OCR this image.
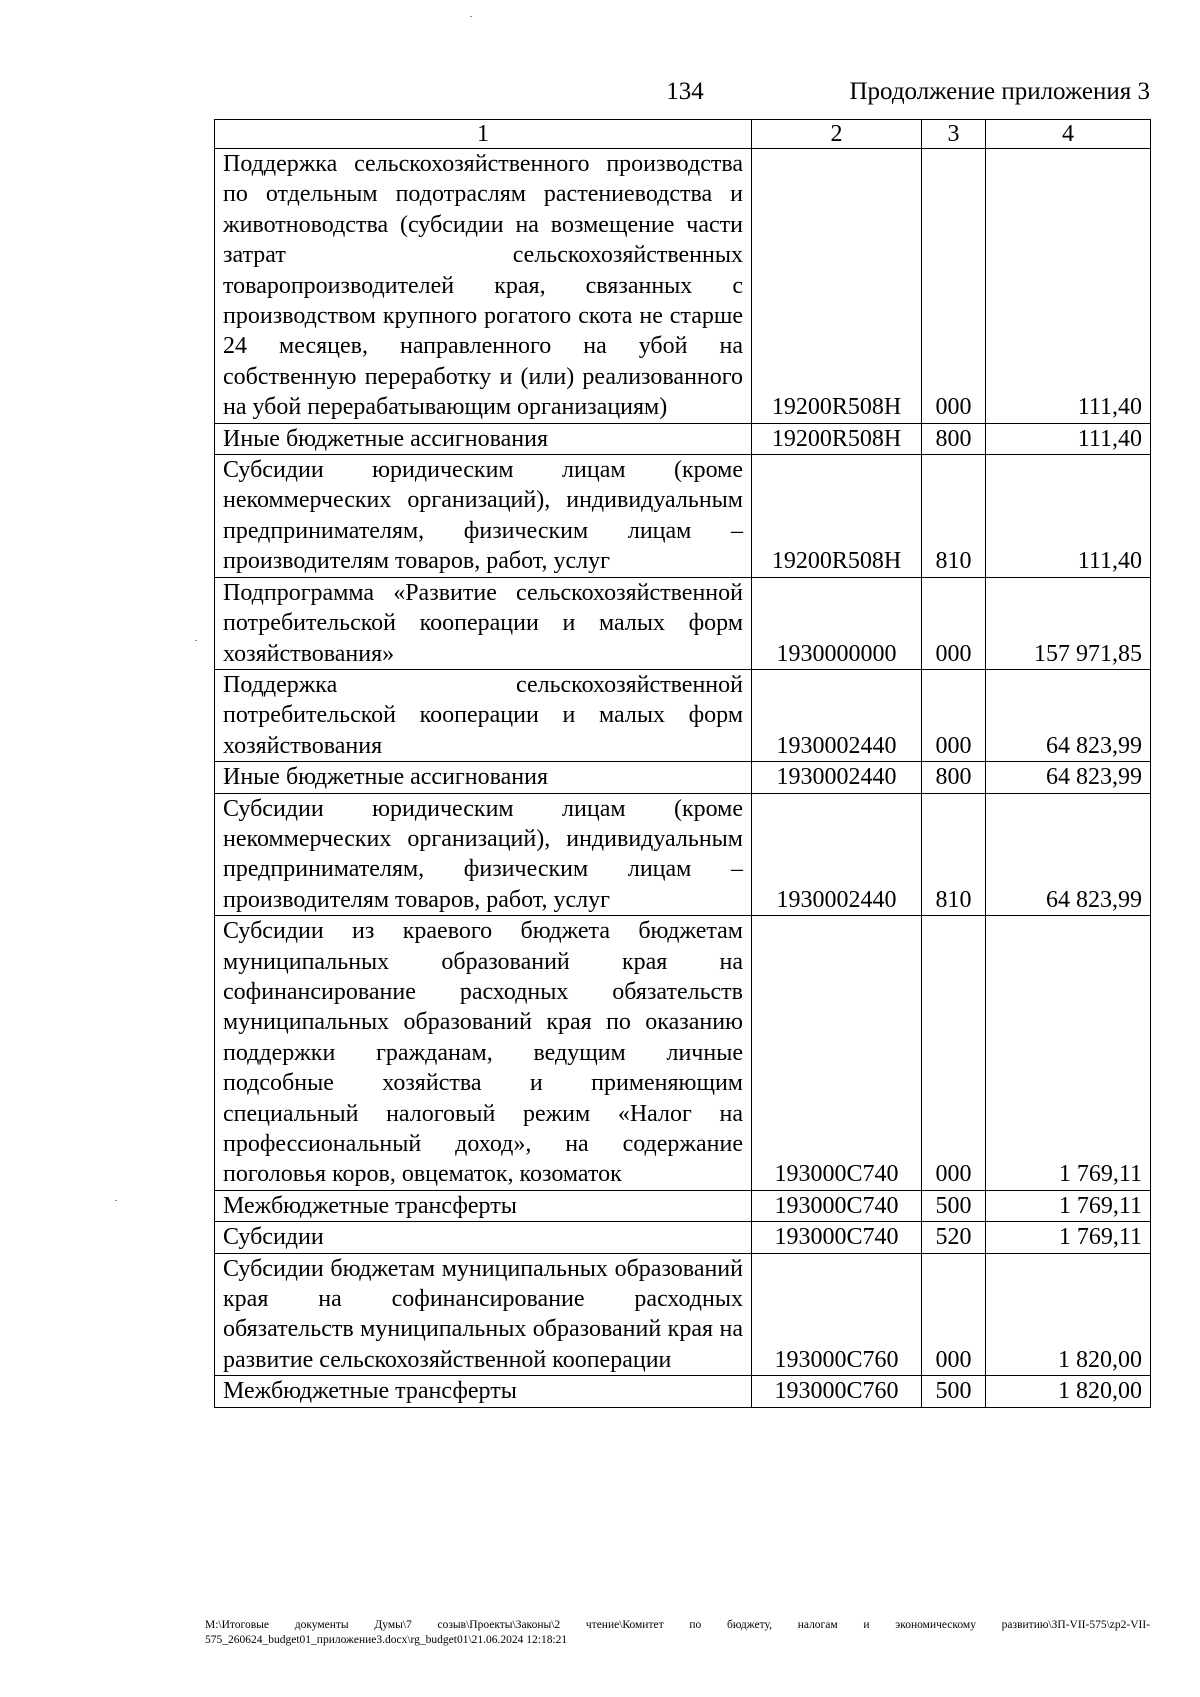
134	Продолжение приложения 3
1	2	3	4
Поддержка сельскохозяйственного производства по отдельным подотраслям растениеводства и животноводства (субсидии на возмещение части затрат сельскохозяйственных товаропроизводителей края, связанных с производством крупного рогатого скота не старше 24 месяцев, направленного на убой на собственную переработку и (или) реализованного на убой перерабатывающим организациям)	19200R508H	000	111,40
Иные бюджетные ассигнования	19200R508H	800	111,40
Субсидии юридическим лицам (кроме некоммерческих организаций), индивидуальным предпринимателям, физическим лицам – производителям товаров, работ, услуг	19200R508H	810	111,40
Подпрограмма «Развитие сельскохозяйственной потребительской кооперации и малых форм хозяйствования»	1930000000	000	157 971,85
Поддержка сельскохозяйственной потребительской кооперации и малых форм хозяйствования	1930002440	000	64 823,99
Иные бюджетные ассигнования	1930002440	800	64 823,99
Субсидии юридическим лицам (кроме некоммерческих организаций), индивидуальным предпринимателям, физическим лицам – производителям товаров, работ, услуг	1930002440	810	64 823,99
Субсидии из краевого бюджета бюджетам муниципальных образований края на софинансирование расходных обязательств муниципальных образований края по оказанию поддержки гражданам, ведущим личные подсобные хозяйства и применяющим специальный налоговый режим «Налог на профессиональный доход», на содержание поголовья коров, овцематок, козоматок	193000С740	000	1 769,11
Межбюджетные трансферты	193000С740	500	1 769,11
Субсидии	193000С740	520	1 769,11
Субсидии бюджетам муниципальных образований края на софинансирование расходных обязательств муниципальных образований края на развитие сельскохозяйственной кооперации	193000С760	000	1 820,00
Межбюджетные трансферты	193000С760	500	1 820,00
М:\Итоговые документы Думы\7 созыв\Проекты\Законы\2 чтение\Комитет по бюджету, налогам и экономическому развитию\ЗП-VII-575\zp2-VII-575_260624_budget01_приложение3.docx\rg_budget01\21.06.2024 12:18:21
